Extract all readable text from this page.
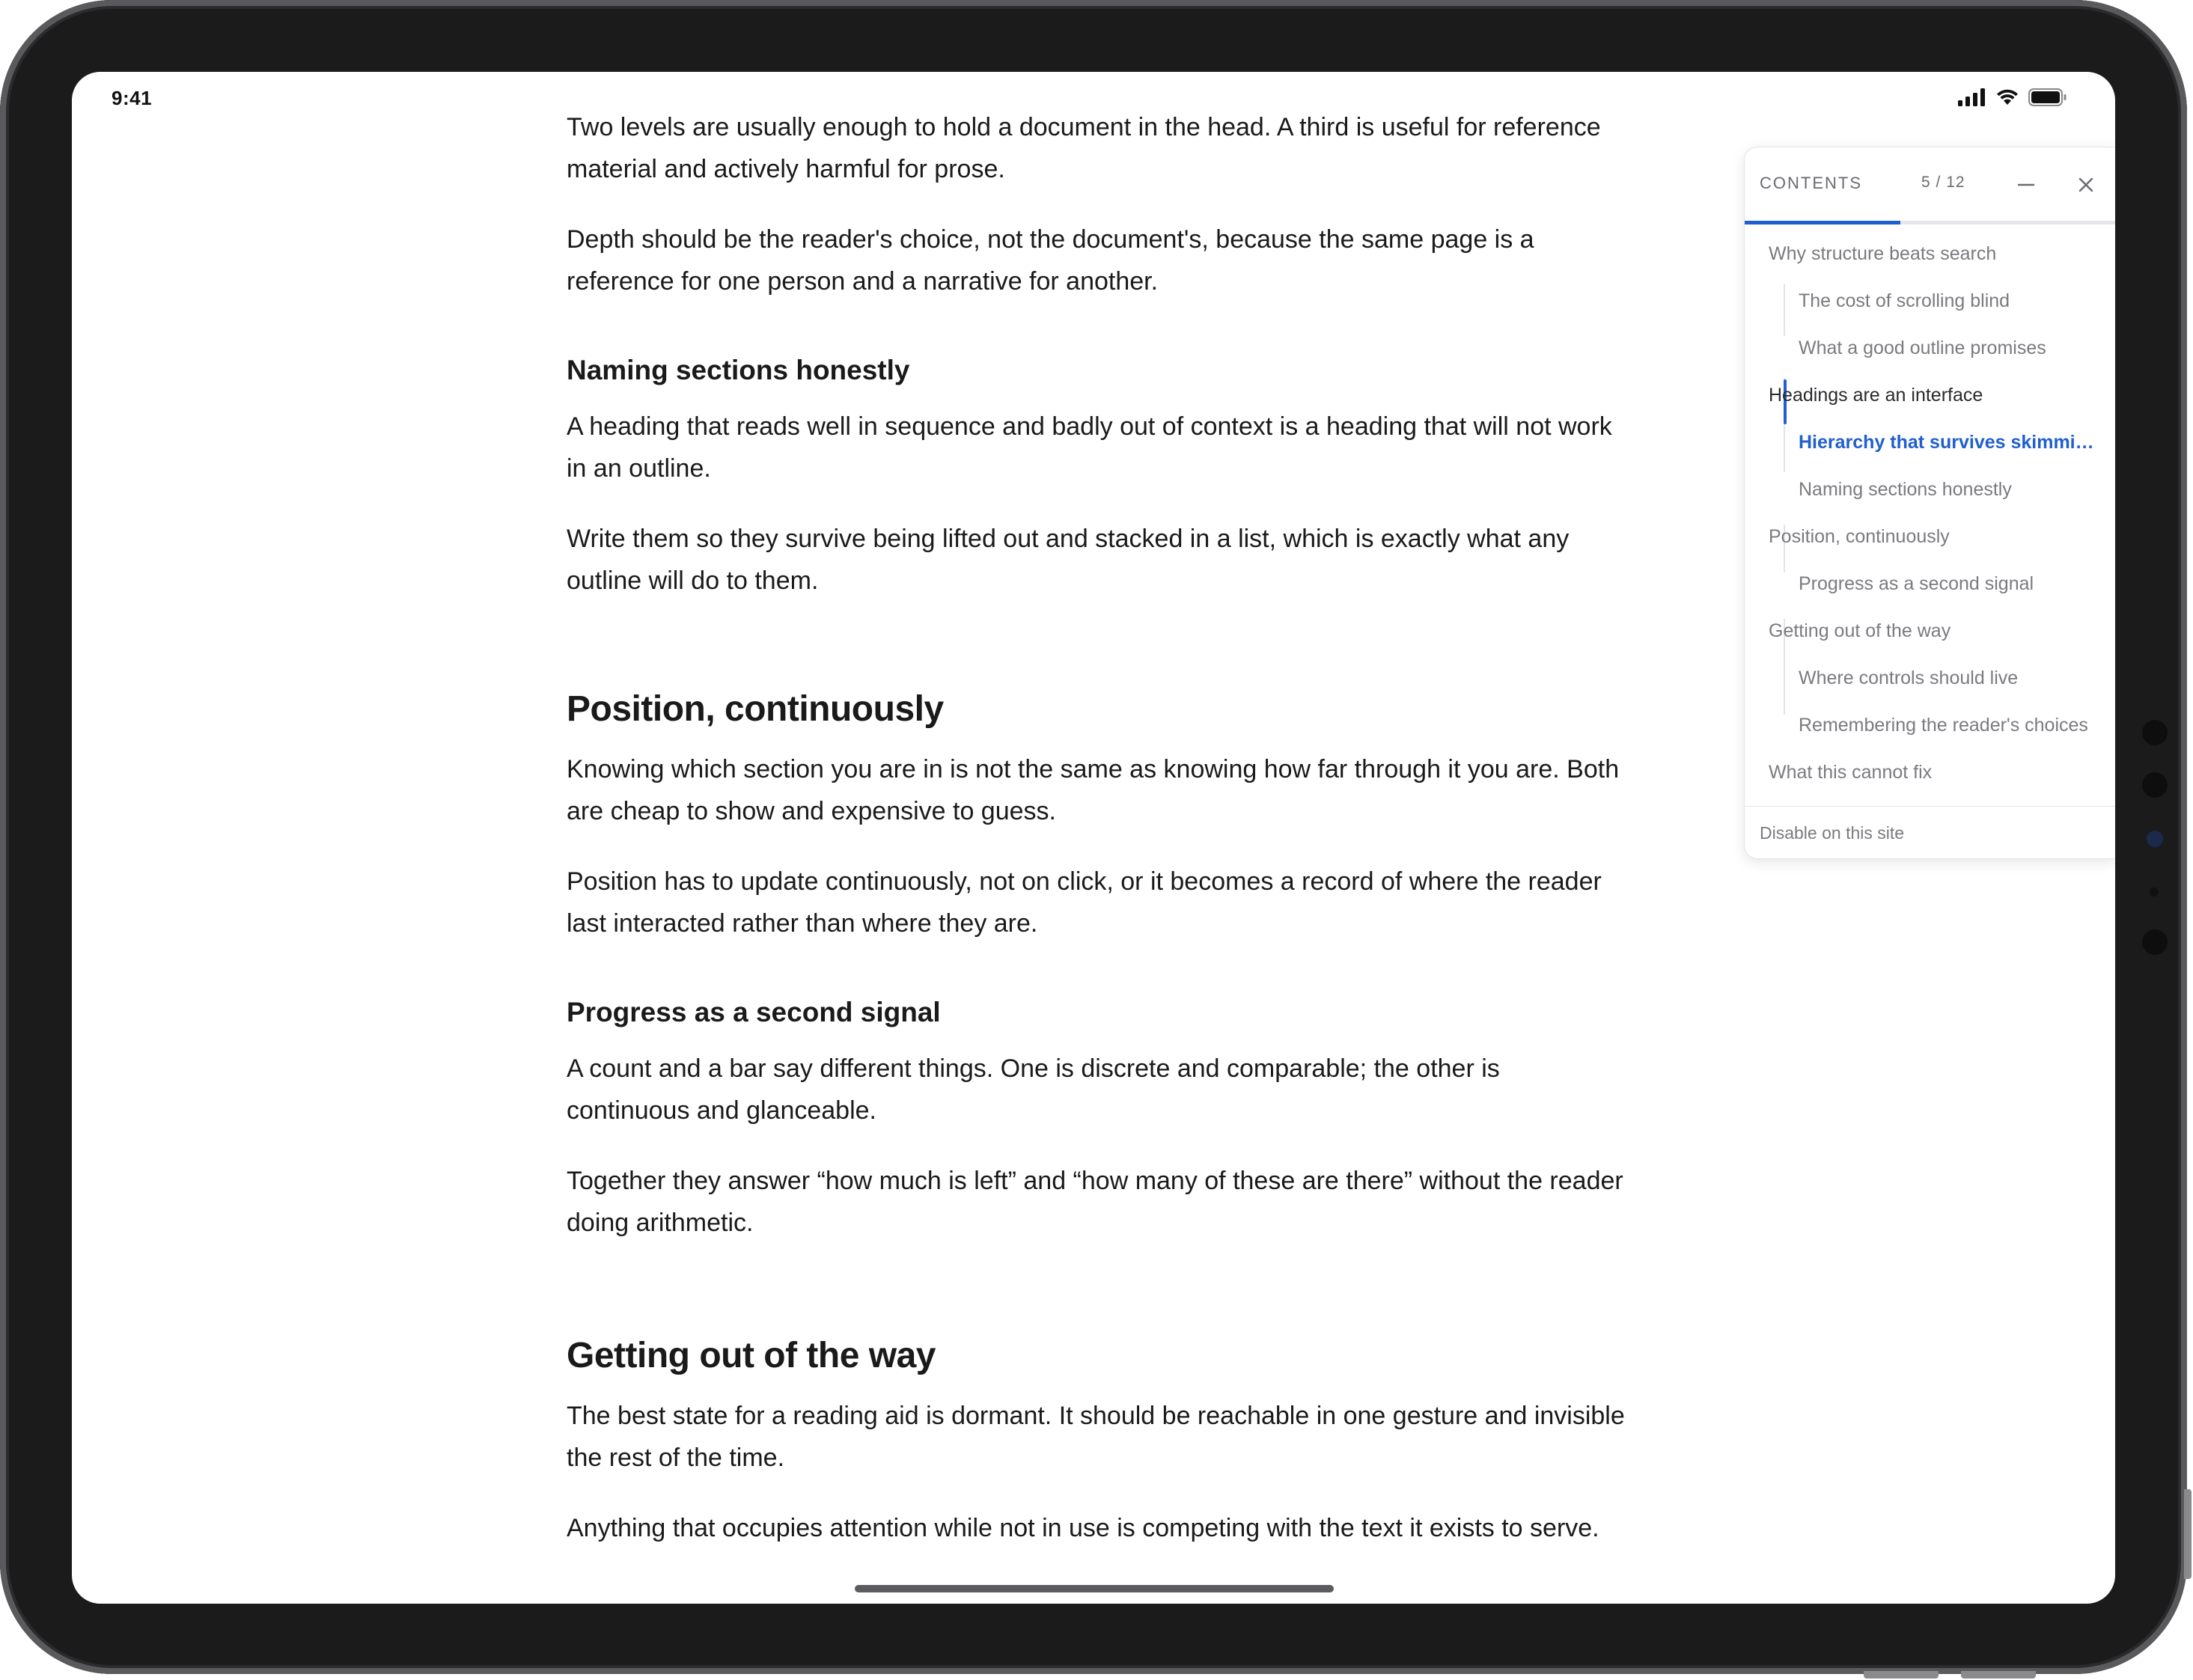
9:41

Two levels are usually enough to hold a document in the head. A third is useful for reference material and actively harmful for prose.

Depth should be the reader's choice, not the document's, because the same page is a reference for one person and a narrative for another.

Naming sections honestly

A heading that reads well in sequence and badly out of context is a heading that will not work in an outline.

Write them so they survive being lifted out and stacked in a list, which is exactly what any outline will do to them.

Position, continuously

Knowing which section you are in is not the same as knowing how far through it you are. Both are cheap to show and expensive to guess.

Position has to update continuously, not on click, or it becomes a record of where the reader last interacted rather than where they are.

Progress as a second signal

A count and a bar say different things. One is discrete and comparable; the other is continuous and glanceable.

Together they answer “how much is left” and “how many of these are there” without the reader doing arithmetic.

Getting out of the way

The best state for a reading aid is dormant. It should be reachable in one gesture and invisible the rest of the time.

Anything that occupies attention while not in use is competing with the text it exists to serve.

CONTENTS	5 / 12
Why structure beats search
The cost of scrolling blind
What a good outline promises
Headings are an interface
Hierarchy that survives skimming
Naming sections honestly
Position, continuously
Progress as a second signal
Getting out of the way
Where controls should live
Remembering the reader's choices
What this cannot fix
Disable on this site
